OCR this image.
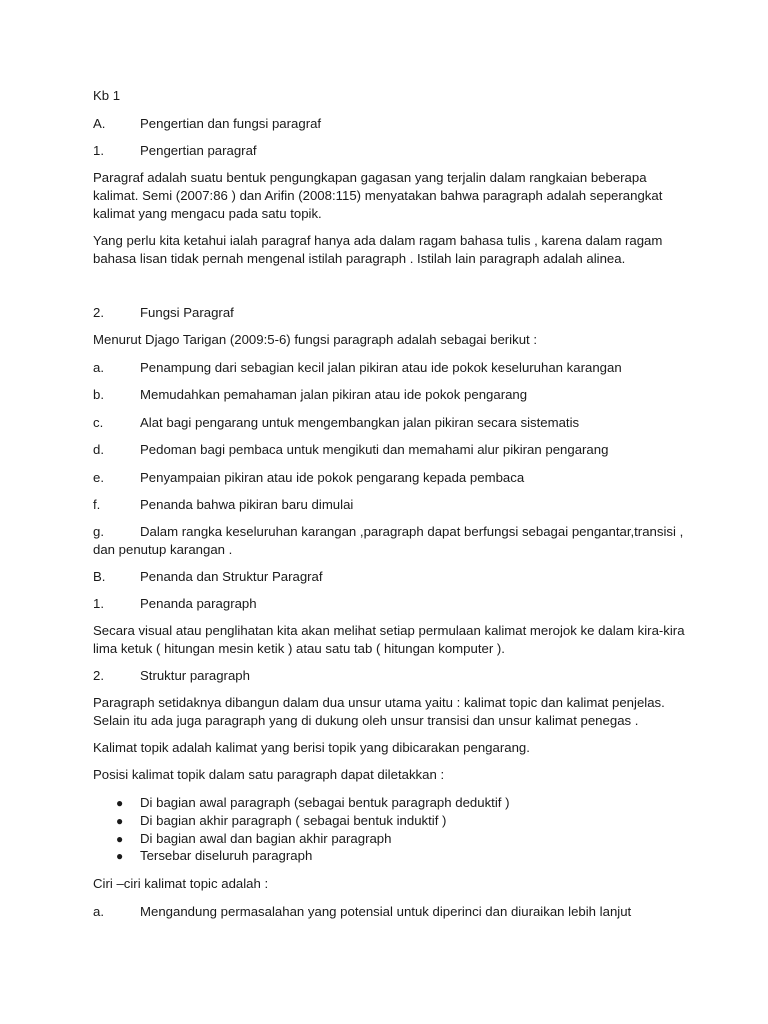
Kb 1
A.	Pengertian dan fungsi paragraf
1.	Pengertian paragraf
Paragraf adalah suatu bentuk pengungkapan gagasan yang terjalin dalam rangkaian beberapa
kalimat. Semi (2007:86 ) dan Arifin (2008:115) menyatakan bahwa paragraph adalah seperangkat
kalimat yang mengacu pada satu topik.
Yang perlu kita ketahui ialah paragraf hanya ada dalam ragam bahasa tulis , karena dalam ragam
bahasa lisan tidak pernah mengenal istilah paragraph . Istilah lain paragraph adalah alinea.
2.	Fungsi Paragraf
Menurut Djago Tarigan (2009:5-6) fungsi paragraph adalah sebagai berikut :
a.	Penampung dari sebagian kecil jalan pikiran atau ide pokok keseluruhan karangan
b.	Memudahkan pemahaman jalan pikiran atau ide pokok pengarang
c.	Alat bagi pengarang untuk mengembangkan jalan pikiran secara sistematis
d.	Pedoman bagi pembaca untuk mengikuti dan memahami alur pikiran pengarang
e.	Penyampaian pikiran atau ide pokok pengarang kepada pembaca
f.	Penanda bahwa pikiran baru dimulai
g.	Dalam rangka keseluruhan karangan ,paragraph dapat berfungsi sebagai pengantar,transisi ,
dan penutup karangan .
B.	Penanda dan Struktur Paragraf
1.	Penanda paragraph
Secara visual atau penglihatan kita akan melihat setiap permulaan kalimat merojok ke dalam kira-kira
lima ketuk ( hitungan mesin ketik ) atau satu tab ( hitungan komputer ).
2.	Struktur paragraph
Paragraph setidaknya dibangun dalam dua unsur utama yaitu : kalimat topic dan kalimat penjelas.
Selain itu ada juga paragraph yang di dukung oleh unsur transisi dan unsur kalimat penegas .
Kalimat topik adalah kalimat yang berisi topik yang dibicarakan pengarang.
Posisi kalimat topik dalam satu paragraph dapat diletakkan :
● Di bagian awal paragraph (sebagai bentuk paragraph deduktif )
● Di bagian akhir paragraph ( sebagai bentuk induktif )
● Di bagian awal dan bagian akhir paragraph
● Tersebar diseluruh paragraph
Ciri –ciri kalimat topic adalah :
a.	Mengandung permasalahan yang potensial untuk diperinci dan diuraikan lebih lanjut
